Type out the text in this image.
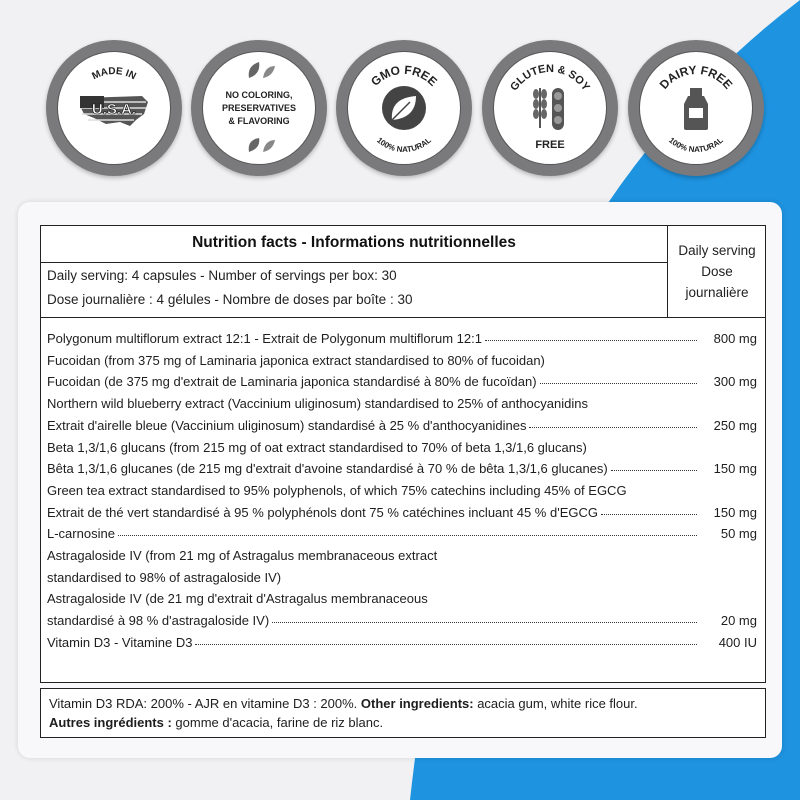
MADE IN
U.S.A.
NO COLORING,
PRESERVATIVES
& FLAVORING
GMO FREE
100% NATURAL
GLUTEN & SOY
FREE
DAIRY FREE
100% NATURAL
Nutrition facts - Informations nutritionnelles	Daily serving
Dose
journalière
Daily serving: 4 capsules - Number of servings per box: 30
Dose journalière : 4 gélules - Nombre de doses par boîte : 30
Polygonum multiflorum extract 12:1 - Extrait de Polygonum multiflorum 12:1	800 mg
Fucoidan (from 375 mg of Laminaria japonica extract standardised to 80% of fucoidan)
Fucoidan (de 375 mg d'extrait de Laminaria japonica standardisé à 80% de fucoïdan)	300 mg
Northern wild blueberry extract (Vaccinium uliginosum) standardised to 25% of anthocyanidins
Extrait d'airelle bleue (Vaccinium uliginosum) standardisé à 25 % d'anthocyanidines	250 mg
Beta 1,3/1,6 glucans (from 215 mg of oat extract standardised to 70% of beta 1,3/1,6 glucans)
Bêta 1,3/1,6 glucanes (de 215 mg d'extrait d'avoine standardisé à 70 % de bêta 1,3/1,6 glucanes)	150 mg
Green tea extract standardised to 95% polyphenols, of which 75% catechins including 45% of EGCG
Extrait de thé vert standardisé à 95 % polyphénols dont 75 % catéchines incluant 45 % d'EGCG	150 mg
L-carnosine	50 mg
Astragaloside IV (from 21 mg of Astragalus membranaceous extract
standardised to 98% of astragaloside IV)
Astragaloside IV (de 21 mg d'extrait d'Astragalus membranaceous
standardisé à 98 % d'astragaloside IV)	20 mg
Vitamin D3 - Vitamine D3	400 IU
Vitamin D3 RDA: 200% - AJR en vitamine D3 : 200%. Other ingredients: acacia gum, white rice flour.
Autres ingrédients : gomme d'acacia, farine de riz blanc.
